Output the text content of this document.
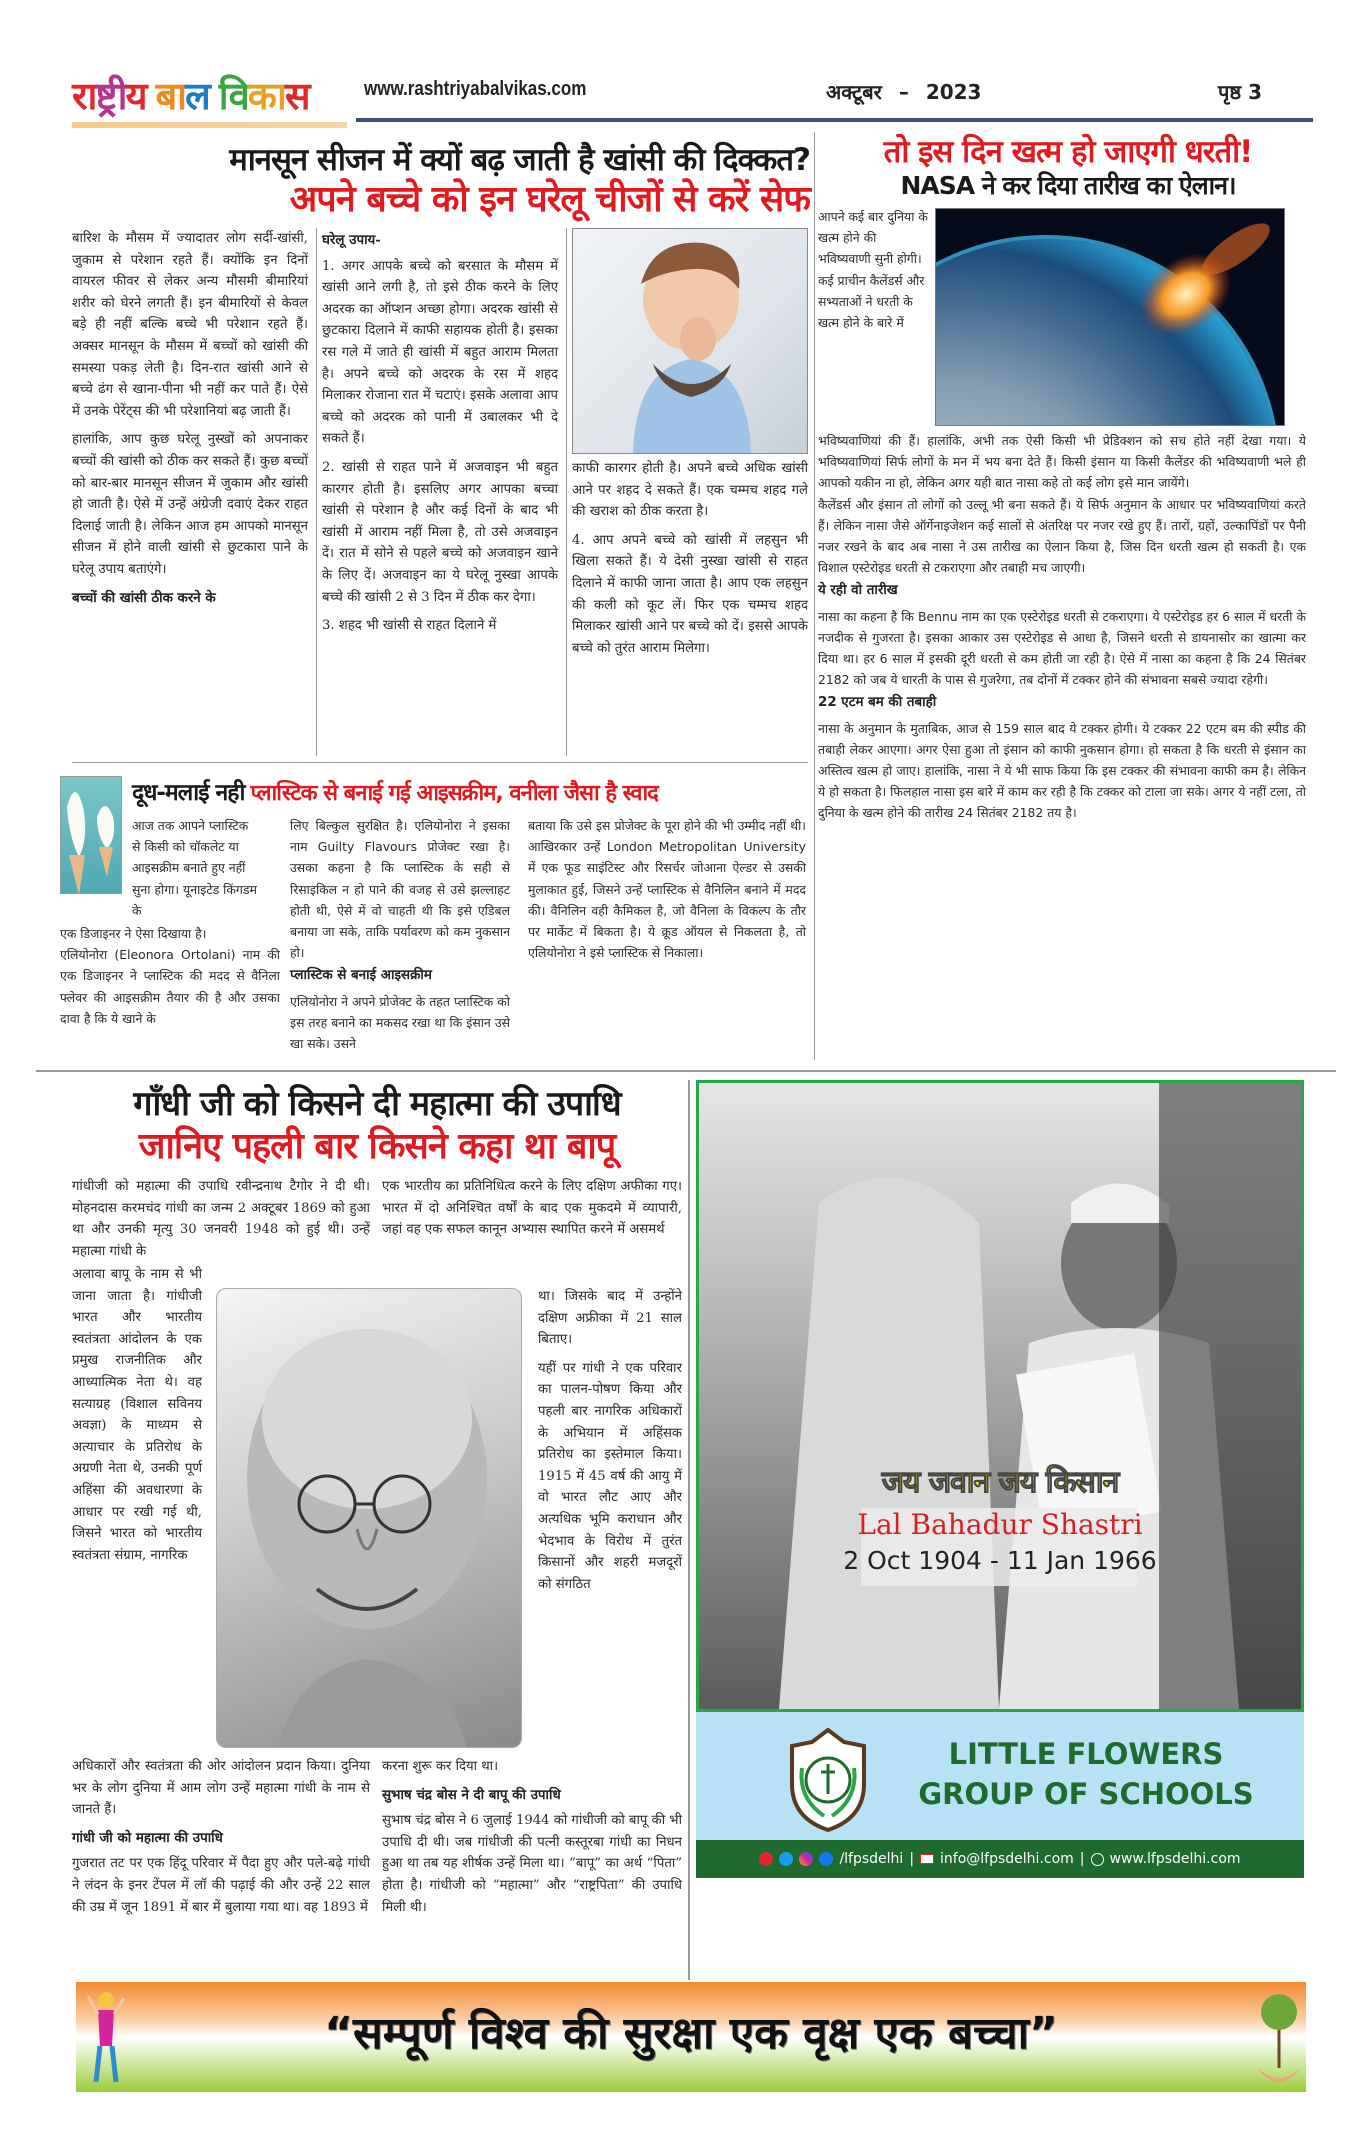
रा ष्ट्री य बा ल वि का स	www.rashtriyabalvikas.com	अक्टूबर – 2023	पृष्ठ 3
मानसून सीजन में क्यों बढ़ जाती है खांसी की दिक्कत?
अपने बच्चे को इन घरेलू चीजों से करें सेफ

बारिश के मौसम में ज्यादातर लोग सर्दी-खांसी, जुकाम से परेशान रहते हैं। क्योंकि इन दिनों वायरल फीवर से लेकर अन्य मौसमी बीमारियां शरीर को घेरने लगती हैं। इन बीमारियों से केवल बड़े ही नहीं बल्कि बच्चे भी परेशान रहते हैं। अक्सर मानसून के मौसम में बच्चों को खांसी की समस्या पकड़ लेती है। दिन-रात खांसी आने से बच्चे ढंग से खाना-पीना भी नहीं कर पाते हैं। ऐसे में उनके पेरेंट्स की भी परेशानियां बढ़ जाती हैं।

हालांकि, आप कुछ घरेलू नुस्खों को अपनाकर बच्चों की खांसी को ठीक कर सकते हैं। कुछ बच्चों को बार-बार मानसून सीजन में जुकाम और खांसी हो जाती है। ऐसे में उन्हें अंग्रेजी दवाएं देकर राहत दिलाई जाती है। लेकिन आज हम आपको मानसून सीजन में होने वाली खांसी से छुटकारा पाने के घरेलू उपाय बताएंगे।

बच्चों की खांसी ठीक करने के
घरेलू उपाय-

1. अगर आपके बच्चे को बरसात के मौसम में खांसी आने लगी है, तो इसे ठीक करने के लिए अदरक का ऑप्शन अच्छा होगा। अदरक खांसी से छुटकारा दिलाने में काफी सहायक होती है। इसका रस गले में जाते ही खांसी में बहुत आराम मिलता है। अपने बच्चे को अदरक के रस में शहद मिलाकर रोजाना रात में चटाएं। इसके अलावा आप बच्चे को अदरक को पानी में उबालकर भी दे सकते हैं।

2. खांसी से राहत पाने में अजवाइन भी बहुत कारगर होती है। इसलिए अगर आपका बच्चा खांसी से परेशान है और कई दिनों के बाद भी खांसी में आराम नहीं मिला है, तो उसे अजवाइन दें। रात में सोने से पहले बच्चे को अजवाइन खाने के लिए दें। अजवाइन का ये घरेलू नुस्खा आपके बच्चे की खांसी 2 से 3 दिन में ठीक कर देगा।

3. शहद भी खांसी से राहत दिलाने में

काफी कारगर होती है। अपने बच्चे अधिक खांसी आने पर शहद दे सकते हैं। एक चम्मच शहद गले की खराश को ठीक करता है।

4. आप अपने बच्चे को खांसी में लहसुन भी खिला सकते हैं। ये देसी नुस्खा खांसी से राहत दिलाने में काफी जाना जाता है। आप एक लहसुन की कली को कूट लें। फिर एक चम्मच शहद मिलाकर खांसी आने पर बच्चे को दें। इससे आपके बच्चे को तुरंत आराम मिलेगा।

तो इस दिन खत्म हो जाएगी धरती!
NASA ने कर दिया तारीख का ऐलान।
आपने कई बार दुनिया के खत्म होने की भविष्यवाणी सुनी होगी। कई प्राचीन कैलेंडर्स और सभ्यताओं ने धरती के खत्म होने के बारे में

भविष्यवाणियां की हैं। हालांकि, अभी तक ऐसी किसी भी प्रेडिक्शन को सच होते नहीं देखा गया। ये भविष्यवाणियां सिर्फ लोगों के मन में भय बना देते हैं। किसी इंसान या किसी कैलेंडर की भविष्यवाणी भले ही आपको यकीन ना हो, लेकिन अगर यही बात नासा कहे तो कई लोग इसे मान जायेंगे।

कैलेंडर्स और इंसान तो लोगों को उल्लू भी बना सकते हैं। ये सिर्फ अनुमान के आधार पर भविष्यवाणियां करते हैं। लेकिन नासा जैसे ऑर्गेनाइजेशन कई सालों से अंतरिक्ष पर नजर रखे हुए हैं। तारों, ग्रहों, उल्कापिंडों पर पैनी नजर रखने के बाद अब नासा ने उस तारीख का ऐलान किया है, जिस दिन धरती खत्म हो सकती है। एक विशाल एस्टेरोइड धरती से टकराएगा और तबाही मच जाएगी।

ये रही वो तारीख

नासा का कहना है कि Bennu नाम का एक एस्टेरोइड धरती से टकराएगा। ये एस्टेरोइड हर 6 साल में धरती के नजदीक से गुजरता है। इसका आकार उस एस्टेरोइड से आधा है, जिसने धरती से डायनासोर का खात्मा कर दिया था। हर 6 साल में इसकी दूरी धरती से कम होती जा रही है। ऐसे में नासा का कहना है कि 24 सितंबर 2182 को जब ये धारती के पास से गुजरेगा, तब दोनों में टक्कर होने की संभावना सबसे ज्यादा रहेगी।

22 एटम बम की तबाही

नासा के अनुमान के मुताबिक, आज से 159 साल बाद ये टक्कर होगी। ये टक्कर 22 एटम बम की स्पीड की तबाही लेकर आएगा। अगर ऐसा हुआ तो इंसान को काफी नुकसान होगा। हो सकता है कि धरती से इंसान का अस्तित्व खत्म हो जाए। हालांकि, नासा ने ये भी साफ किया कि इस टक्कर की संभावना काफी कम है। लेकिन ये हो सकता है। फिलहाल नासा इस बारे में काम कर रही है कि टक्कर को टाला जा सके। अगर ये नहीं टला, तो दुनिया के खत्म होने की तारीख 24 सितंबर 2182 तय है।

दूध-मलाई नही प्लास्टिक से बनाई गई आइसक्रीम, वनीला जैसा है स्वाद
आज तक आपने प्लास्टिक से किसी को चॉकलेट या आइसक्रीम बनाते हुए नहीं सुना होगा। यूनाइटेड किंगडम के

एक डिजाइनर ने ऐसा दिखाया है।

एलियोनोरा (Eleonora Ortolani) नाम की एक डिजाइनर ने प्लास्टिक की मदद से वैनिला फ्लेवर की आइसक्रीम तैयार की है और उसका दावा है कि ये खाने के

लिए बिल्कुल सुरक्षित है। एलियोनोरा ने इसका नाम Guilty Flavours प्रोजेक्ट रखा है। उसका कहना है कि प्लास्टिक के सही से रिसाइकिल न हो पाने की वजह से उसे झल्लाहट होती थी, ऐसे में वो चाहती थी कि इसे एडिबल बनाया जा सके, ताकि पर्यावरण को कम नुकसान हो।

प्लास्टिक से बनाई आइसक्रीम

एलियोनोरा ने अपने प्रोजेक्ट के तहत प्लास्टिक को इस तरह बनाने का मकसद रखा था कि इंसान उसे खा सके। उसने

बताया कि उसे इस प्रोजेक्ट के पूरा होने की भी उम्मीद नहीं थी। आखिरकार उन्हें London Metropolitan University में एक फूड साइंटिस्ट और रिसर्चर जोआना ऐल्डर से उसकी मुलाकात हुई, जिसने उन्हें प्लास्टिक से वैनिलिन बनाने में मदद की। वैनिलिन वही कैमिकल है, जो वैनिला के विकल्प के तौर पर मार्केट में बिकता है। ये क्रूड ऑयल से निकलता है, तो एलियोनोरा ने इसे प्लास्टिक से निकाला।
गाँधी जी को किसने दी महात्मा की उपाधि
जानिए पहली बार किसने कहा था बापू
गांधीजी को महात्मा की उपाधि रवीन्द्रनाथ टैगोर ने दी थी। मोहनदास करमचंद गांधी का जन्म 2 अक्टूबर 1869 को हुआ था और उनकी मृत्यु 30 जनवरी 1948 को हुई थी। उन्हें महात्मा गांधी के
अलावा बापू के नाम से भी जाना जाता है। गांधीजी भारत और भारतीय स्वतंत्रता आंदोलन के एक प्रमुख राजनीतिक और आध्यात्मिक नेता थे। वह सत्याग्रह (विशाल सविनय अवज्ञा) के माध्यम से अत्याचार के प्रतिरोध के अग्रणी नेता थे, उनकी पूर्ण अहिंसा की अवधारणा के आधार पर रखी गई थी, जिसने भारत को भारतीय स्वतंत्रता संग्राम, नागरिक
एक भारतीय का प्रतिनिधित्व करने के लिए दक्षिण अफीका गए। भारत में दो अनिश्चित वर्षों के बाद एक मुकदमे में व्यापारी, जहां वह एक सफल कानून अभ्यास स्थापित करने में असमर्थ

था। जिसके बाद में उन्होंने दक्षिण अफ्रीका में 21 साल बिताए।

यहीं पर गांधी ने एक परिवार का पालन-पोषण किया और पहली बार नागरिक अधिकारों के अभियान में अहिंसक प्रतिरोध का इस्तेमाल किया। 1915 में 45 वर्ष की आयु में वो भारत लौट आए और अत्यधिक भूमि कराधान और भेदभाव के विरोध में तुरंत किसानों और शहरी मजदूरों को संगठित

अधिकारों और स्वतंत्रता की ओर आंदोलन प्रदान किया। दुनिया भर के लोग दुनिया में आम लोग उन्हें महात्मा गांधी के नाम से जानते हैं।

गांधी जी को महात्मा की उपाधि

गुजरात तट पर एक हिंदू परिवार में पैदा हुए और पले-बढ़े गांधी ने लंदन के इनर टेंपल में लॉ की पढ़ाई की और उन्हें 22 साल की उम्र में जून 1891 में बार में बुलाया गया था। वह 1893 में

करना शुरू कर दिया था।

सुभाष चंद्र बोस ने दी बापू की उपाधि

सुभाष चंद्र बोस ने 6 जुलाई 1944 को गांधीजी को बापू की भी उपाधि दी थी। जब गांधीजी की पत्नी कस्तूरबा गांधी का निधन हुआ था तब यह शीर्षक उन्हें मिला था। “बापू” का अर्थ “पिता” होता है। गांधीजी को “महात्मा” और “राष्ट्रपिता” की उपाधि मिली थी।

जय जवान जय किसान
Lal Bahadur Shastri
2 Oct 1904 - 11 Jan 1966
LITTLE FLOWERS
GROUP OF SCHOOLS
/lfpsdelhi | info@lfpsdelhi.com | www.lfpsdelhi.com
“सम्पूर्ण विश्व की सुरक्षा एक वृक्ष एक बच्चा”
